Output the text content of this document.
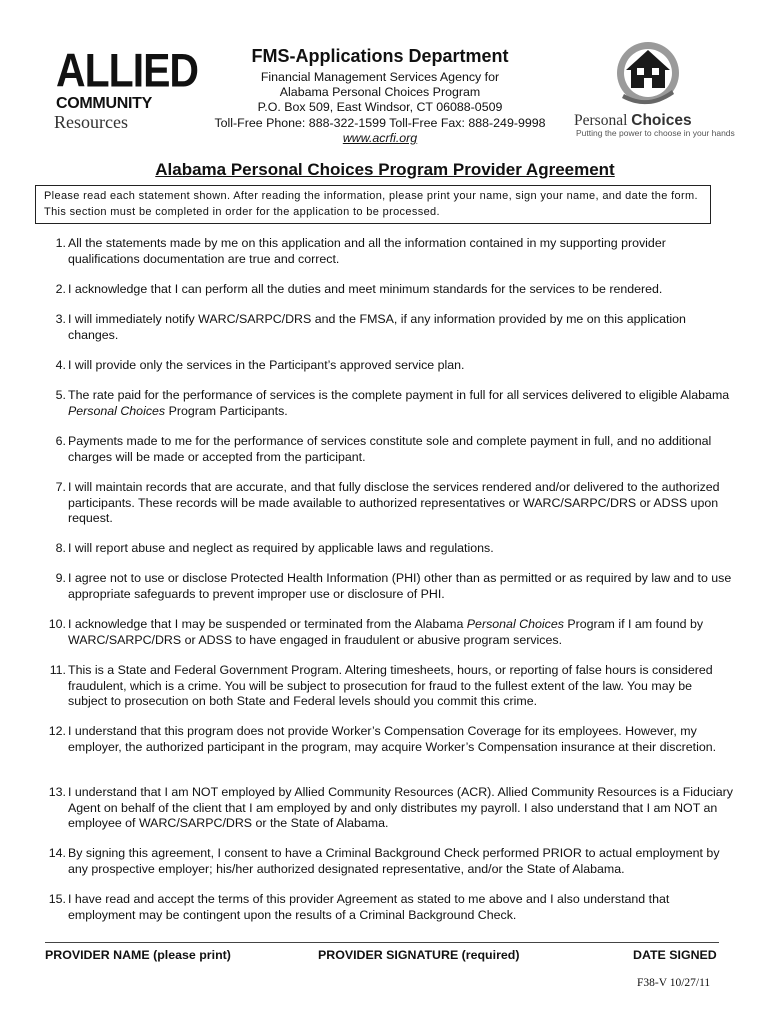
ALLIED
COMMUNITY
Resources
FMS-Applications Department
Financial Management Services Agency for
Alabama Personal Choices Program
P.O. Box 509, East Windsor, CT 06088-0509
Toll-Free Phone: 888-322-1599 Toll-Free Fax: 888-249-9998
www.acrfi.org
Personal Choices
Putting the power to choose in your hands
Alabama Personal Choices Program Provider Agreement
Please read each statement shown. After reading the information, please print your name, sign your name, and date the form. This section must be completed in order for the application to be processed.
1. All the statements made by me on this application and all the information contained in my supporting provider qualifications documentation are true and correct.
2. I acknowledge that I can perform all the duties and meet minimum standards for the services to be rendered.
3. I will immediately notify WARC/SARPC/DRS and the FMSA, if any information provided by me on this application changes.
4. I will provide only the services in the Participant’s approved service plan.
5. The rate paid for the performance of services is the complete payment in full for all services delivered to eligible Alabama Personal Choices Program Participants.
6. Payments made to me for the performance of services constitute sole and complete payment in full, and no additional charges will be made or accepted from the participant.
7. I will maintain records that are accurate, and that fully disclose the services rendered and/or delivered to the authorized participants. These records will be made available to authorized representatives or WARC/SARPC/DRS or ADSS upon request.
8. I will report abuse and neglect as required by applicable laws and regulations.
9. I agree not to use or disclose Protected Health Information (PHI) other than as permitted or as required by law and to use appropriate safeguards to prevent improper use or disclosure of PHI.
10. I acknowledge that I may be suspended or terminated from the Alabama Personal Choices Program if I am found by WARC/SARPC/DRS or ADSS to have engaged in fraudulent or abusive program services.
11. This is a State and Federal Government Program. Altering timesheets, hours, or reporting of false hours is considered fraudulent, which is a crime. You will be subject to prosecution for fraud to the fullest extent of the law. You may be subject to prosecution on both State and Federal levels should you commit this crime.
12. I understand that this program does not provide Worker’s Compensation Coverage for its employees. However, my employer, the authorized participant in the program, may acquire Worker’s Compensation insurance at their discretion.
13. I understand that I am NOT employed by Allied Community Resources (ACR). Allied Community Resources is a Fiduciary Agent on behalf of the client that I am employed by and only distributes my payroll. I also understand that I am NOT an employee of WARC/SARPC/DRS or the State of Alabama.
14. By signing this agreement, I consent to have a Criminal Background Check performed PRIOR to actual employment by any prospective employer; his/her authorized designated representative, and/or the State of Alabama.
15. I have read and accept the terms of this provider Agreement as stated to me above and I also understand that employment may be contingent upon the results of a Criminal Background Check.
PROVIDER NAME (please print)	PROVIDER SIGNATURE (required)	DATE SIGNED
F38-V 10/27/11
